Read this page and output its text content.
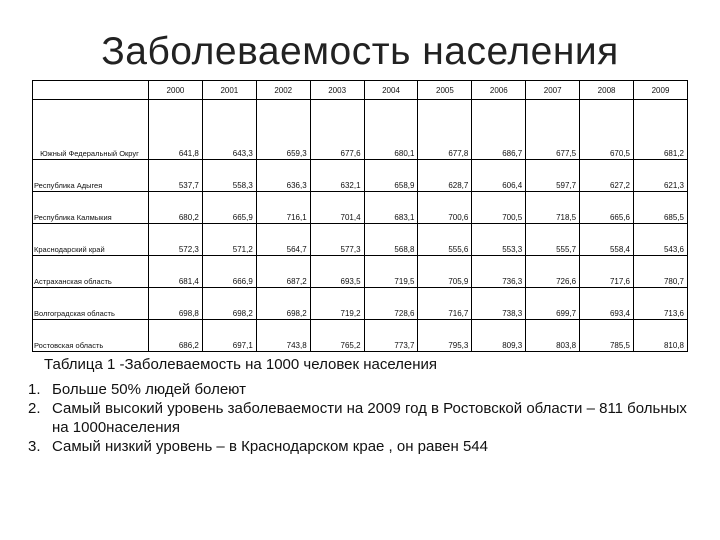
Заболеваемость населения
	2000	2001	2002	2003	2004	2005	2006	2007	2008	2009
Южный Федеральный Округ	641,8	643,3	659,3	677,6	680,1	677,8	686,7	677,5	670,5	681,2
Республика Адыгея	537,7	558,3	636,3	632,1	658,9	628,7	606,4	597,7	627,2	621,3
Республика Калмыкия	680,2	665,9	716,1	701,4	683,1	700,6	700,5	718,5	665,6	685,5
Краснодарский край	572,3	571,2	564,7	577,3	568,8	555,6	553,3	555,7	558,4	543,6
Астраханская область	681,4	666,9	687,2	693,5	719,5	705,9	736,3	726,6	717,6	780,7
Волгоградская область	698,8	698,2	698,2	719,2	728,6	716,7	738,3	699,7	693,4	713,6
Ростовская область	686,2	697,1	743,8	765,2	773,7	795,3	809,3	803,8	785,5	810,8
Таблица 1 -Заболеваемость на 1000 человек населения
1. Больше 50% людей болеют
2. Самый высокий уровень заболеваемости на 2009 год в Ростовской области – 811 больных на 1000населения
3. Самый низкий уровень – в Краснодарском крае , он равен 544
